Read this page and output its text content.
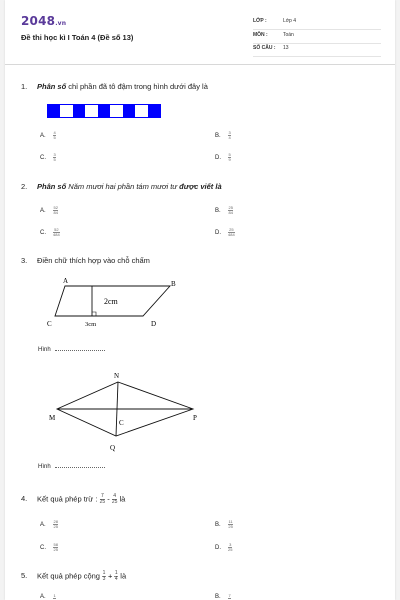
2048.vn
Đề thi học kì I Toán 4 (Đề số 13)
LỚP :	Lớp 4
MÔN :	Toán
SỐ CÂU : 13
1. Phân số chỉ phần đã tô đậm trong hình dưới đây là
A. $\frac{4}{5}$	B. $\frac{3}{4}$
C. $\frac{3}{5}$	D. $\frac{5}{9}$
2. Phân số Năm mươi hai phần tám mươi tư được viết là
A. $\frac{52}{84}$	B. $\frac{25}{84}$
C. $\frac{52}{484}$	D. $\frac{25}{484}$
3. Điền chữ thích hợp vào chỗ chấm
A	B
C	D
2cm
3cm
Hình
N
M	P
Q
C
Hình
4. Kết quả phép trừ : $\frac{7}{25} - \frac{4}{25}$ là
A. $\frac{28}{25}$	B. $\frac{11}{25}$
C. $\frac{58}{25}$	D. $\frac{3}{25}$
5. Kết quả phép cộng $\frac{1}{3} + \frac{1}{4}$ là
A. 1	B. 7
